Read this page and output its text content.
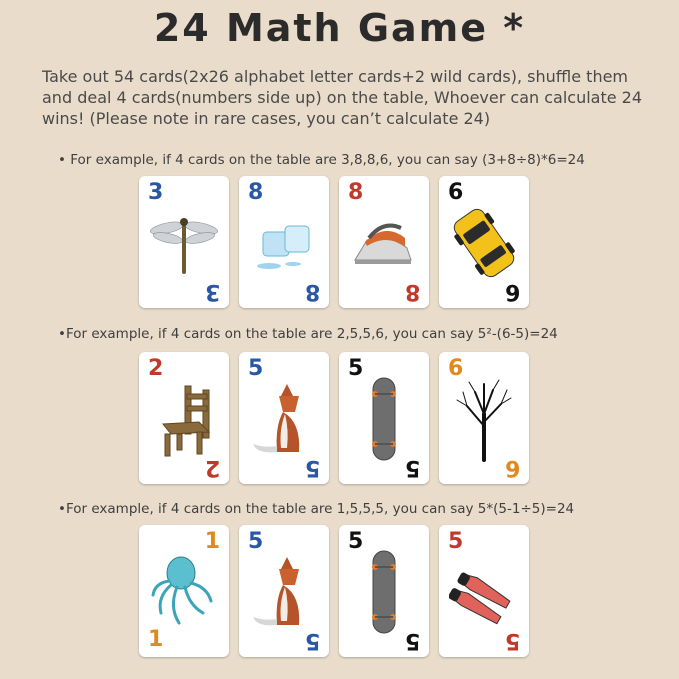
24 Math Game *
Take out 54 cards(2x26 alphabet letter cards+2 wild cards), shuffle them and deal 4 cards(numbers side up) on the table, Whoever can calculate 24 wins! (Please note in rare cases, you can’t calculate 24)
• For example, if 4 cards on the table are 3,8,8,6, you can say (3+8÷8)*6=24
3
3
8
8
8
8
6
6
•For example, if 4 cards on the table are 2,5,5,6, you can say 5²-(6-5)=24
2
2
5
5
5
5
6
6
•For example, if 4 cards on the table are 1,5,5,5, you can say 5*(5-1÷5)=24
1
1
5
5
5
5
5
5
